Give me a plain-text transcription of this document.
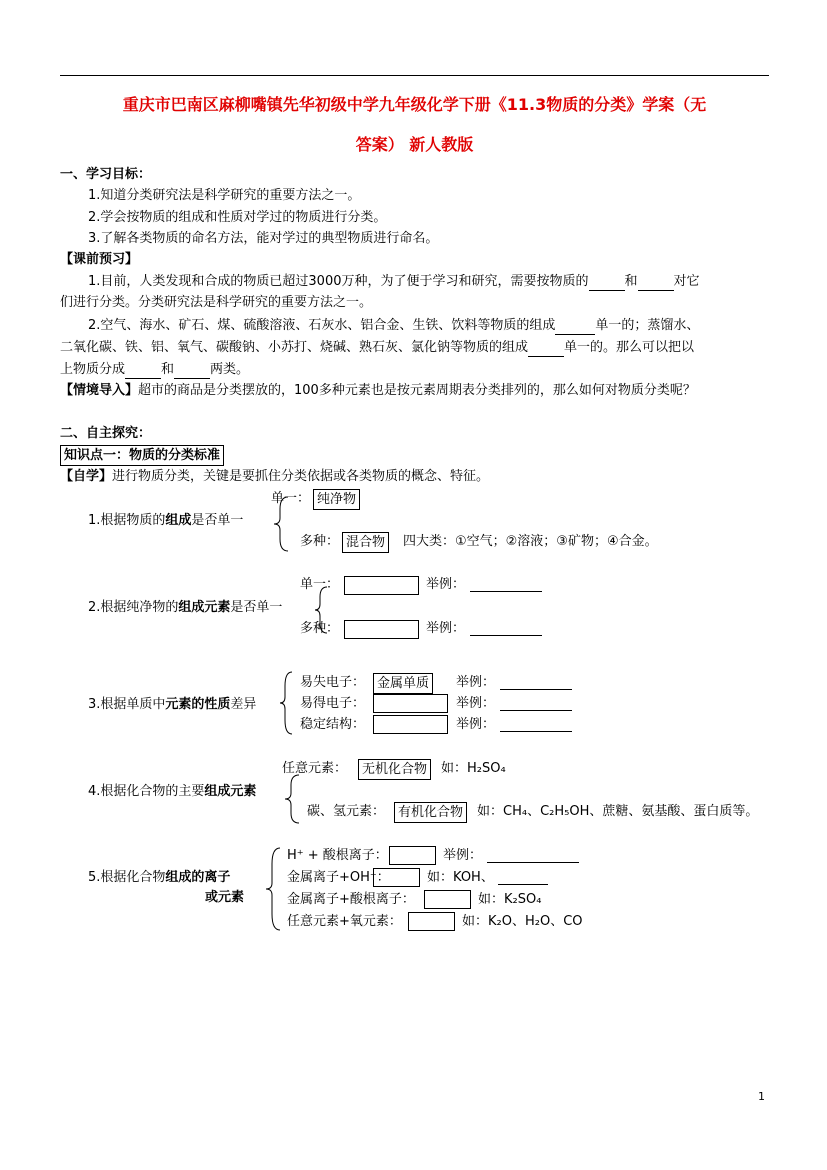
重庆市巴南区麻柳嘴镇先华初级中学九年级化学下册《11.3物质的分类》学案（无
答案） 新人教版
一、学习目标：
1.知道分类研究法是科学研究的重要方法之一。
2.学会按物质的组成和性质对学过的物质进行分类。
3.了解各类物质的命名方法，能对学过的典型物质进行命名。
【课前预习】
1.目前，人类发现和合成的物质已超过3000万种，为了便于学习和研究，需要按物质的	和	对它
们进行分类。分类研究法是科学研究的重要方法之一。
2.空气、海水、矿石、煤、硫酸溶液、石灰水、铝合金、生铁、饮料等物质的组成	单一的；蒸馏水、
二氧化碳、铁、铝、氧气、碳酸钠、小苏打、烧碱、熟石灰、氯化钠等物质的组成	单一的。那么可以把以
上物质分成	和	两类。
【情境导入】超市的商品是分类摆放的，100多种元素也是按元素周期表分类排列的，那么如何对物质分类呢？
二、自主探究：
知识点一：物质的分类标准
【自学】进行物质分类，关键是要抓住分类依据或各类物质的概念、特征。
1.根据物质的组成是否单一
单一： 纯净物
多种： 混合物	四大类：①空气；②溶液；③矿物；④合金。
2.根据纯净物的组成元素是否单一
单一：	举例：
多种：	举例：
3.根据单质中元素的性质差异
易失电子： 金属单质	举例：
易得电子：	举例：
稳定结构：	举例：
4.根据化合物的主要组成元素
任意元素：	无机化合物	如：H₂SO₄
碳、氢元素： 有机化合物	如：CH₄、C₂H₅OH、蔗糖、氨基酸、蛋白质等。
5.根据化合物组成的离子
或元素
H⁺ + 酸根离子：	举例：
金属离子+OH⁻：	如：KOH、
金属离子+酸根离子：	如：K₂SO₄
任意元素+氧元素：	如：K₂O、H₂O、CO
1
